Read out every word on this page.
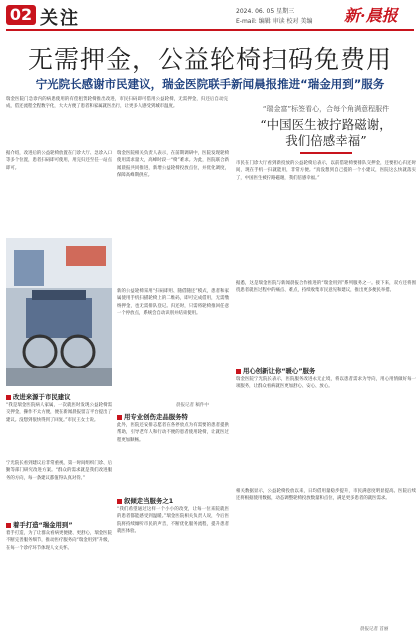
02 关注	2024. 06. 05 星期三
E-mail: 编辑 审读 校对 美编 新·晨报
无需押金，公益轮椅扫码免费用
宁光院长感谢市民建议，瑞金医院联手新闻晨报推进“瑞金用到”服务
瑞金医院门急诊内的病患使用的有偿租赁轮椅推出改进，市民扫码即可借用公益轮椅，无需押金，归还后自动完成，借还流程全程数字化，大大方便了患者和家属就医出行，让更多人感受到城市温度。	“瑞金富”标签看心，合每个角满意程服件
“中国医生被拧路磁谢，
我们倍感幸福”
瑞金医院相关负责人表示，在前期调研中，医院发现轮椅使用需求量大，高峰时段一“椅”难求。为此，医院联合新闻晨报共同推进，新增公益轮椅投放点位，并优化调度，保障高峰期供应。
据介绍，改进后的公益轮椅放置在门诊大厅、急诊入口等多个位置，患者扫码即可使用，用完归还至任一站点即可。
改进来源于市民建议
“我是瑞金医院病人家属，一次就医时发现公益轮椅需交押金，操作不太方便，便在新闻晨报留言平台提出了建议。没想到很快得到了回复。”市民王女士说。
宁光院长看到建议后非常重视，第一时间组织门诊、后勤等部门研究改进方案。“群众的需求就是我们改进服务的方向，每一条建议都值得认真对待。”
着手打造“瑞金用到”
着手打造，为了让群众看病更便捷、更舒心，瑞金医院不断完善服务细节，推动医疗服务向“瑞金用到”升级，在每一个诊疗环节体现人文关怀。
新的公益轮椅采用“扫码即用、随借随还”模式，患者和家属使用手机扫描轮椅上的二维码，即可完成借用，无需缴纳押金，也无需排队登记。归还时，只需将轮椅推回任意一个停放点，系统会自动识别并结束使用。
晨报记者 稿件中
用专业创伤走品服务特
此外，医院还安排志愿者在各停放点为有需要的患者提供帮助，引导老年人和行动不便的患者使用轮椅，让就医过程更加顺畅。
叙倾走当服务之1
“我们希望通过这样一个小小的改变，让每一位来院就医的患者都能感受到温暖。”瑞金医院相关负责人说，今后医院将持续倾听市民的声音，不断优化服务流程，提升患者就医体验。
市民在门诊大厅看到新投放的公益轮椅后表示，以前借轮椅要排队交押金，还要担心归还时间，现在手机一扫就能用，非常方便。“真没想到自己提的一个小建议，医院这么快就落实了，中国医生被拧路磁谢，我们倍感幸福。”
据悉，这是瑞金医院与新闻晨报合作推进的“瑞金用到”系列服务之一。接下来，双方还将围绕患者就医过程中的痛点、难点，持续收集市民意见和建议，推出更多便民举措。
用心创新让你“暖心”服务
瑞金医院宁光院长表示，医院服务改进永无止境，将以患者需求为导向，用心用情做好每一项服务，让群众看病就医更加舒心、安心、放心。
相关数据显示，公益轮椅投放以来，日均借用量稳步提升，市民满意度明显提高。医院后续还将根据使用数据，动态调整轮椅投放数量和点位，满足更多患者的就医需求。
晨报记者 首丽
